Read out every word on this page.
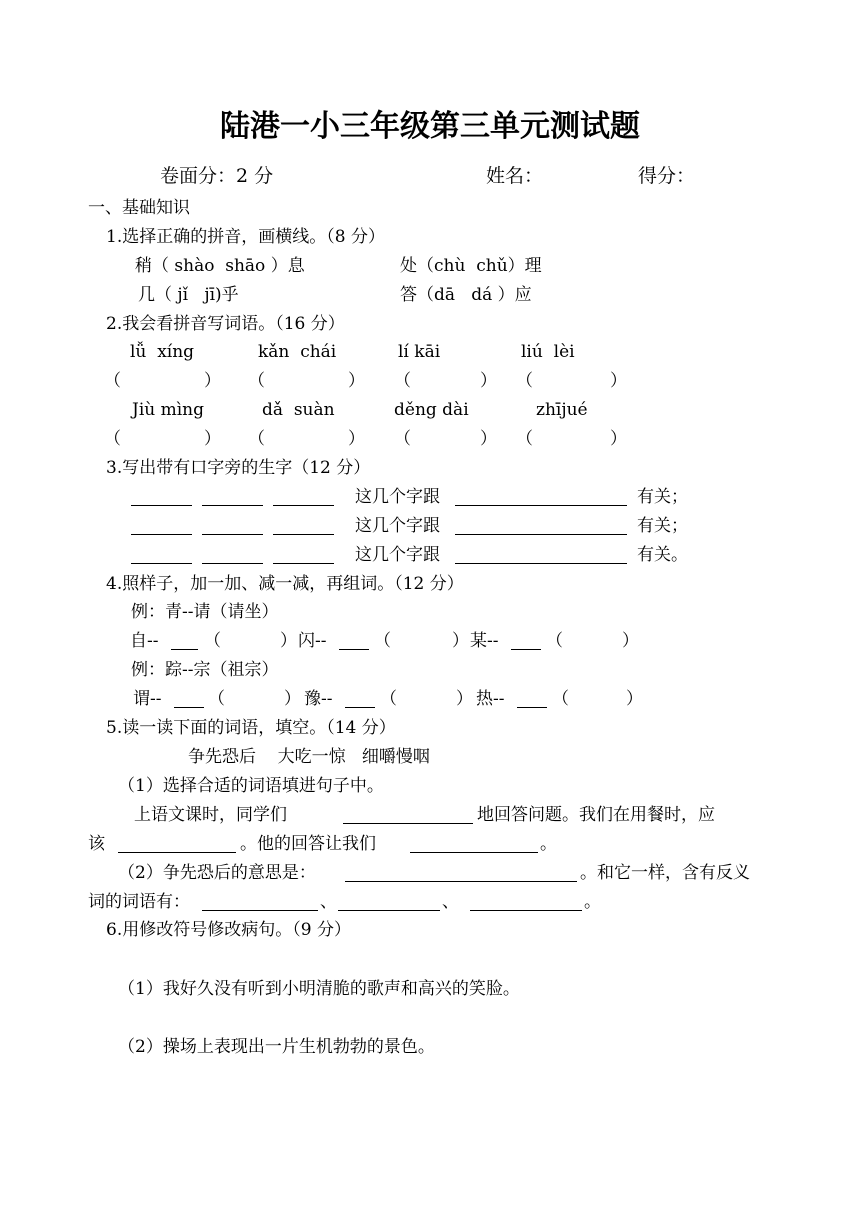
陆港一小三年级第三单元测试题
卷面分：2 分	姓名：	得分：
一、基础知识
1.选择正确的拼音，画横线。（8 分）
稍（ shào  shāo ）息	处（chù  chǔ）理
几（ jǐ   jī)乎	答（dā   dá ）应
2.我会看拼音写词语。（16 分）
lǚ  xíng	kǎn  chái	lí kāi	liú  lèi
（	） （	） （	） （	）
Jiù mìng	dǎ  suàn	děng dài	zhījué
（	） （	） （	） （	）
3.写出带有口字旁的生字（12 分）
这几个字跟	有关；
这几个字跟	有关；
这几个字跟	有关。
4.照样子，加一加、减一减，再组词。（12 分）
例：青--请（请坐）
自--	（	） 闪--	（	） 某--	（	）
例：踪--宗（祖宗）
谓--	（	） 豫--	（	） 热--	（	）
5.读一读下面的词语，填空。（14 分）
争先恐后    大吃一惊   细嚼慢咽
（1）选择合适的词语填进句子中。
上语文课时，同学们	地回答问题。我们在用餐时，应
该	。他的回答让我们	。
（2）争先恐后的意思是：	。和它一样，含有反义
词的词语有：	、	、	。
6.用修改符号修改病句。（9 分）
（1）我好久没有听到小明清脆的歌声和高兴的笑脸。
（2）操场上表现出一片生机勃勃的景色。
